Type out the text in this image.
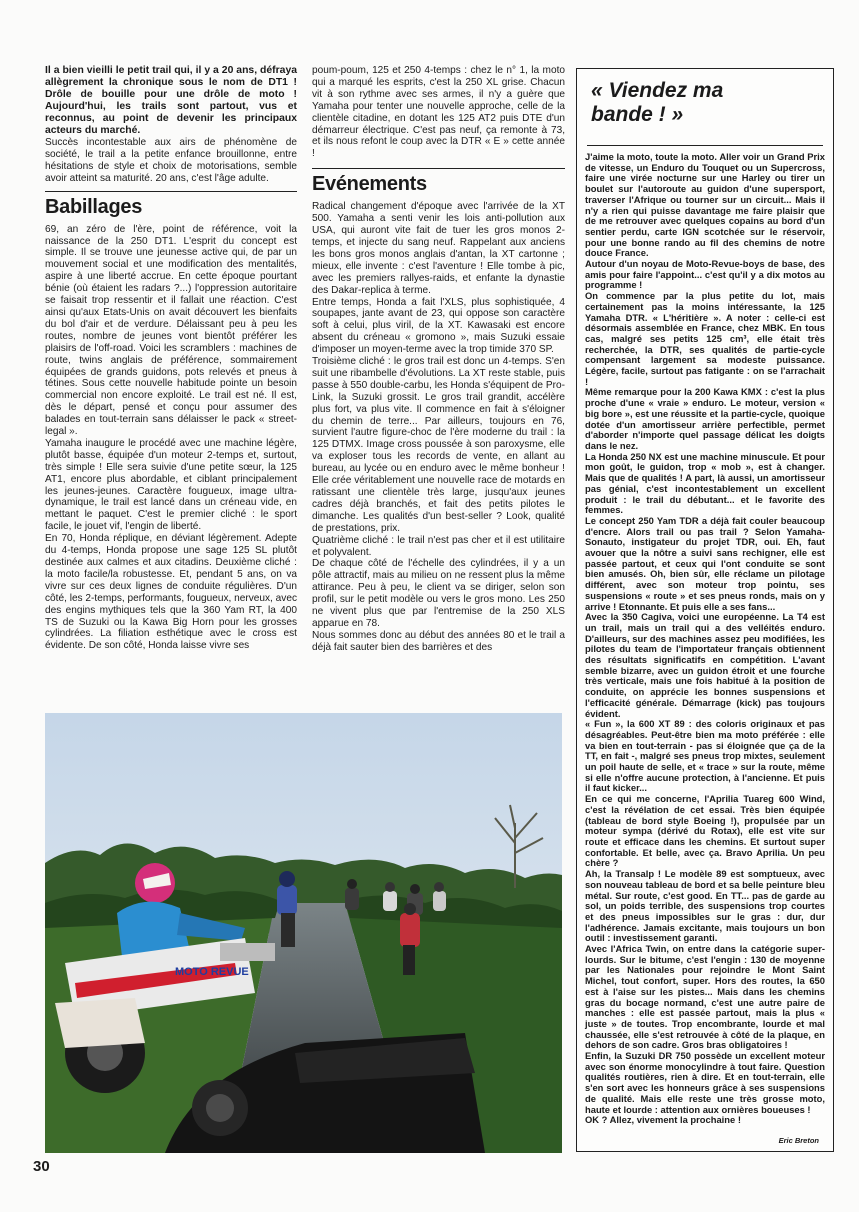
Il a bien vieilli le petit trail qui, il y a 20 ans, défraya allègrement la chronique sous le nom de DT1 ! Drôle de bouille pour une drôle de moto ! Aujourd'hui, les trails sont partout, vus et reconnus, au point de devenir les principaux acteurs du marché.

Succès incontestable aux airs de phénomène de société, le trail a la petite enfance brouillonne, entre hésitations de style et choix de motorisations, semble avoir atteint sa maturité. 20 ans, c'est l'âge adulte.

Babillages

69, an zéro de l'ère, point de référence, voit la naissance de la 250 DT1. L'esprit du concept est simple. Il se trouve une jeunesse active qui, de par un mouvement social et une modification des mentalités, aspire à une liberté accrue. En cette époque pourtant bénie (où étaient les radars ?...) l'oppression autoritaire se faisait trop ressentir et il fallait une réaction. C'est ainsi qu'aux Etats-Unis on avait découvert les bienfaits du bol d'air et de verdure. Délaissant peu à peu les routes, nombre de jeunes vont bientôt préférer les plaisirs de l'off-road. Voici les scramblers : machines de route, twins anglais de préférence, sommairement équipées de grands guidons, pots relevés et pneus à tétines. Sous cette nouvelle habitude pointe un besoin commercial non encore exploité. Le trail est né. Il est, dès le départ, pensé et conçu pour assumer des balades en tout-terrain sans délaisser le pack « street-legal ».

Yamaha inaugure le procédé avec une machine légère, plutôt basse, équipée d'un moteur 2-temps et, surtout, très simple ! Elle sera suivie d'une petite sœur, la 125 AT1, encore plus abordable, et ciblant principalement les jeunes-jeunes. Caractère fougueux, image ultra-dynamique, le trail est lancé dans un créneau vide, en mettant le paquet. C'est le premier cliché : le sport facile, le jouet vif, l'engin de liberté.

En 70, Honda réplique, en déviant légèrement. Adepte du 4-temps, Honda propose une sage 125 SL plutôt destinée aux calmes et aux citadins. Deuxième cliché : la moto facile/la robustesse. Et, pendant 5 ans, on va vivre sur ces deux lignes de conduite régulières. D'un côté, les 2-temps, performants, fougueux, nerveux, avec des engins mythiques tels que la 360 Yam RT, la 400 TS de Suzuki ou la Kawa Big Horn pour les grosses cylindrées. La filiation esthétique avec le cross est évidente. De son côté, Honda laisse vivre ses

poum-poum, 125 et 250 4-temps : chez le n° 1, la moto qui a marqué les esprits, c'est la 250 XL grise. Chacun vit à son rythme avec ses armes, il n'y a guère que Yamaha pour tenter une nouvelle approche, celle de la clientèle citadine, en dotant les 125 AT2 puis DTE d'un démarreur électrique. C'est pas neuf, ça remonte à 73, et ils nous refont le coup avec la DTR « E » cette année !

Evénements

Radical changement d'époque avec l'arrivée de la XT 500. Yamaha a senti venir les lois anti-pollution aux USA, qui auront vite fait de tuer les gros monos 2-temps, et injecte du sang neuf. Rappelant aux anciens les bons gros monos anglais d'antan, la XT cartonne ; mieux, elle invente : c'est l'aventure ! Elle tombe à pic, avec les premiers rallyes-raids, et enfante la dynastie des Dakar-replica à terme.

Entre temps, Honda a fait l'XLS, plus sophistiquée, 4 soupapes, jante avant de 23, qui oppose son caractère soft à celui, plus viril, de la XT. Kawasaki est encore absent du créneau « gromono », mais Suzuki essaie d'imposer un moyen-terme avec la trop timide 370 SP.

Troisième cliché : le gros trail est donc un 4-temps. S'en suit une ribambelle d'évolutions. La XT reste stable, puis passe à 550 double-carbu, les Honda s'équipent de Pro-Link, la Suzuki grossit. Le gros trail grandit, accélère plus fort, va plus vite. Il commence en fait à s'éloigner du chemin de terre... Par ailleurs, toujours en 76, survient l'autre figure-choc de l'ère moderne du trail : la 125 DTMX. Image cross poussée à son paroxysme, elle va exploser tous les records de vente, en allant au bureau, au lycée ou en enduro avec le même bonheur ! Elle crée véritablement une nouvelle race de motards en ratissant une clientèle très large, jusqu'aux jeunes cadres déjà branchés, et fait des petits pilotes le dimanche. Les qualités d'un best-seller ? Look, qualité de prestations, prix.

Quatrième cliché : le trail n'est pas cher et il est utilitaire et polyvalent.

De chaque côté de l'échelle des cylindrées, il y a un pôle attractif, mais au milieu on ne ressent plus la même attirance. Peu à peu, le client va se diriger, selon son profil, sur le petit modèle ou vers le gros mono. Les 250 ne vivent plus que par l'entremise de la 250 XLS apparue en 78.

Nous sommes donc au début des années 80 et le trail a déjà fait sauter bien des barrières et des

« Viendez ma bande ! »

J'aime la moto, toute la moto. Aller voir un Grand Prix de vitesse, un Enduro du Touquet ou un Supercross, faire une virée nocturne sur une Harley ou tirer un boulet sur l'autoroute au guidon d'une supersport, traverser l'Afrique ou tourner sur un circuit... Mais il n'y a rien qui puisse davantage me faire plaisir que de me retrouver avec quelques copains au bord d'un sentier perdu, carte IGN scotchée sur le réservoir, pour une bonne rando au fil des chemins de notre douce France.

Autour d'un noyau de Moto-Revue-boys de base, des amis pour faire l'appoint... c'est qu'il y a dix motos au programme !

On commence par la plus petite du lot, mais certainement pas la moins intéressante, la 125 Yamaha DTR. « L'héritière ». A noter : celle-ci est désormais assemblée en France, chez MBK. En tous cas, malgré ses petits 125 cm³, elle était très recherchée, la DTR, ses qualités de partie-cycle compensant largement sa modeste puissance. Légère, facile, surtout pas fatigante : on se l'arrachait !

Même remarque pour la 200 Kawa KMX : c'est la plus proche d'une « vraie » enduro. Le moteur, version « big bore », est une réussite et la partie-cycle, quoique dotée d'un amortisseur arrière perfectible, permet d'aborder n'importe quel passage délicat les doigts dans le nez.

La Honda 250 NX est une machine minuscule. Et pour mon goût, le guidon, trop « mob », est à changer. Mais que de qualités ! A part, là aussi, un amortisseur pas génial, c'est incontestablement un excellent produit : le trail du débutant... et le favorite des femmes.

Le concept 250 Yam TDR a déjà fait couler beaucoup d'encre. Alors trail ou pas trail ? Selon Yamaha-Sonauto, instigateur du projet TDR, oui. Eh, faut avouer que la nôtre a suivi sans rechigner, elle est passée partout, et ceux qui l'ont conduite se sont bien amusés. Oh, bien sûr, elle réclame un pilotage différent, avec son moteur trop pointu, ses suspensions « route » et ses pneus ronds, mais on y arrive ! Etonnante. Et puis elle a ses fans...

Avec la 350 Cagiva, voici une européenne. La T4 est un trail, mais un trail qui a des velléités enduro. D'ailleurs, sur des machines assez peu modifiées, les pilotes du team de l'importateur français obtiennent des résultats significatifs en compétition. L'avant semble bizarre, avec un guidon étroit et une fourche très verticale, mais une fois habitué à la position de conduite, on apprécie les bonnes suspensions et l'efficacité générale. Démarrage (kick) pas toujours évident.

« Fun », la 600 XT 89 : des coloris originaux et pas désagréables. Peut-être bien ma moto préférée : elle va bien en tout-terrain - pas si éloignée que ça de la TT, en fait -, malgré ses pneus trop mixtes, seulement un poil haute de selle, et « trace » sur la route, même si elle n'offre aucune protection, à l'ancienne. Et puis il faut kicker...

En ce qui me concerne, l'Aprilia Tuareg 600 Wind, c'est la révélation de cet essai. Très bien équipée (tableau de bord style Boeing !), propulsée par un moteur sympa (dérivé du Rotax), elle est vite sur route et efficace dans les chemins. Et surtout super confortable. Et belle, avec ça. Bravo Aprilia. Un peu chère ?

Ah, la Transalp ! Le modèle 89 est somptueux, avec son nouveau tableau de bord et sa belle peinture bleu métal. Sur route, c'est good. En TT... pas de garde au sol, un poids terrible, des suspensions trop courtes et des pneus impossibles sur le gras : dur, dur l'adhérence. Jamais excitante, mais toujours un bon outil : investissement garanti.

Avec l'Africa Twin, on entre dans la catégorie super-lourds. Sur le bitume, c'est l'engin : 130 de moyenne par les Nationales pour rejoindre le Mont Saint Michel, tout confort, super. Hors des routes, la 650 est à l'aise sur les pistes... Mais dans les chemins gras du bocage normand, c'est une autre paire de manches : elle est passée partout, mais la plus « juste » de toutes. Trop encombrante, lourde et mal chaussée, elle s'est retrouvée à côté de la plaque, en dehors de son cadre. Gros bras obligatoires !

Enfin, la Suzuki DR 750 possède un excellent moteur avec son énorme monocylindre à tout faire. Question qualités routières, rien à dire. Et en tout-terrain, elle s'en sort avec les honneurs grâce à ses suspensions de qualité. Mais elle reste une très grosse moto, haute et lourde : attention aux ornières boueuses !

OK ? Allez, vivement la prochaine !

Eric Breton
MOTO REVUE
30
